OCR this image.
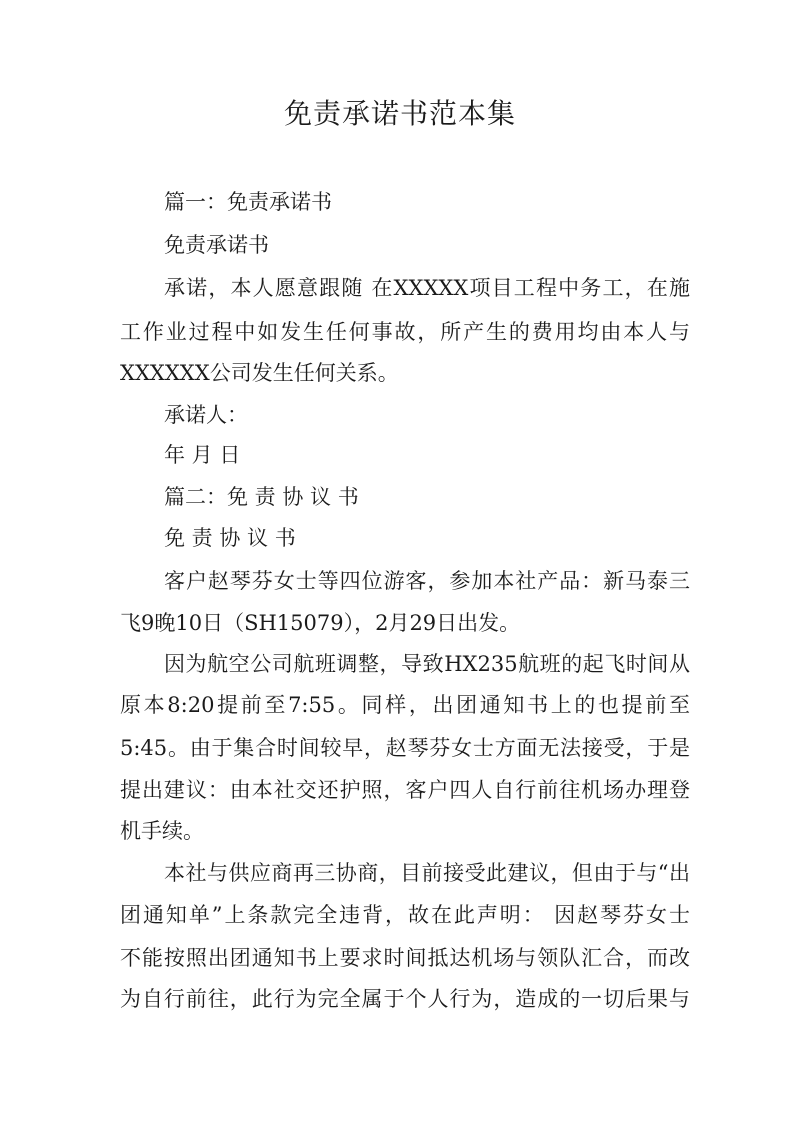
免责承诺书范本集
篇一：免责承诺书
免责承诺书
承诺，本人愿意跟随 在XXXXX项目工程中务工，在施
工作业过程中如发生任何事故，所产生的费用均由本人与
XXXXXX公司发生任何关系。
承诺人：
年 月 日
篇二：免 责 协 议 书
免 责 协 议 书
客户赵琴芬女士等四位游客，参加本社产品：新马泰三
飞9晚10日（SH15079），2月29日出发。
因为航空公司航班调整，导致HX235航班的起飞时间从
原本8:20提前至7:55。同样，出团通知书上的也提前至
5:45。由于集合时间较早，赵琴芬女士方面无法接受，于是
提出建议：由本社交还护照，客户四人自行前往机场办理登
机手续。
本社与供应商再三协商，目前接受此建议，但由于与“出
团通知单”上条款完全违背，故在此声明： 因赵琴芬女士
不能按照出团通知书上要求时间抵达机场与领队汇合，而改
为自行前往，此行为完全属于个人行为，造成的一切后果与
